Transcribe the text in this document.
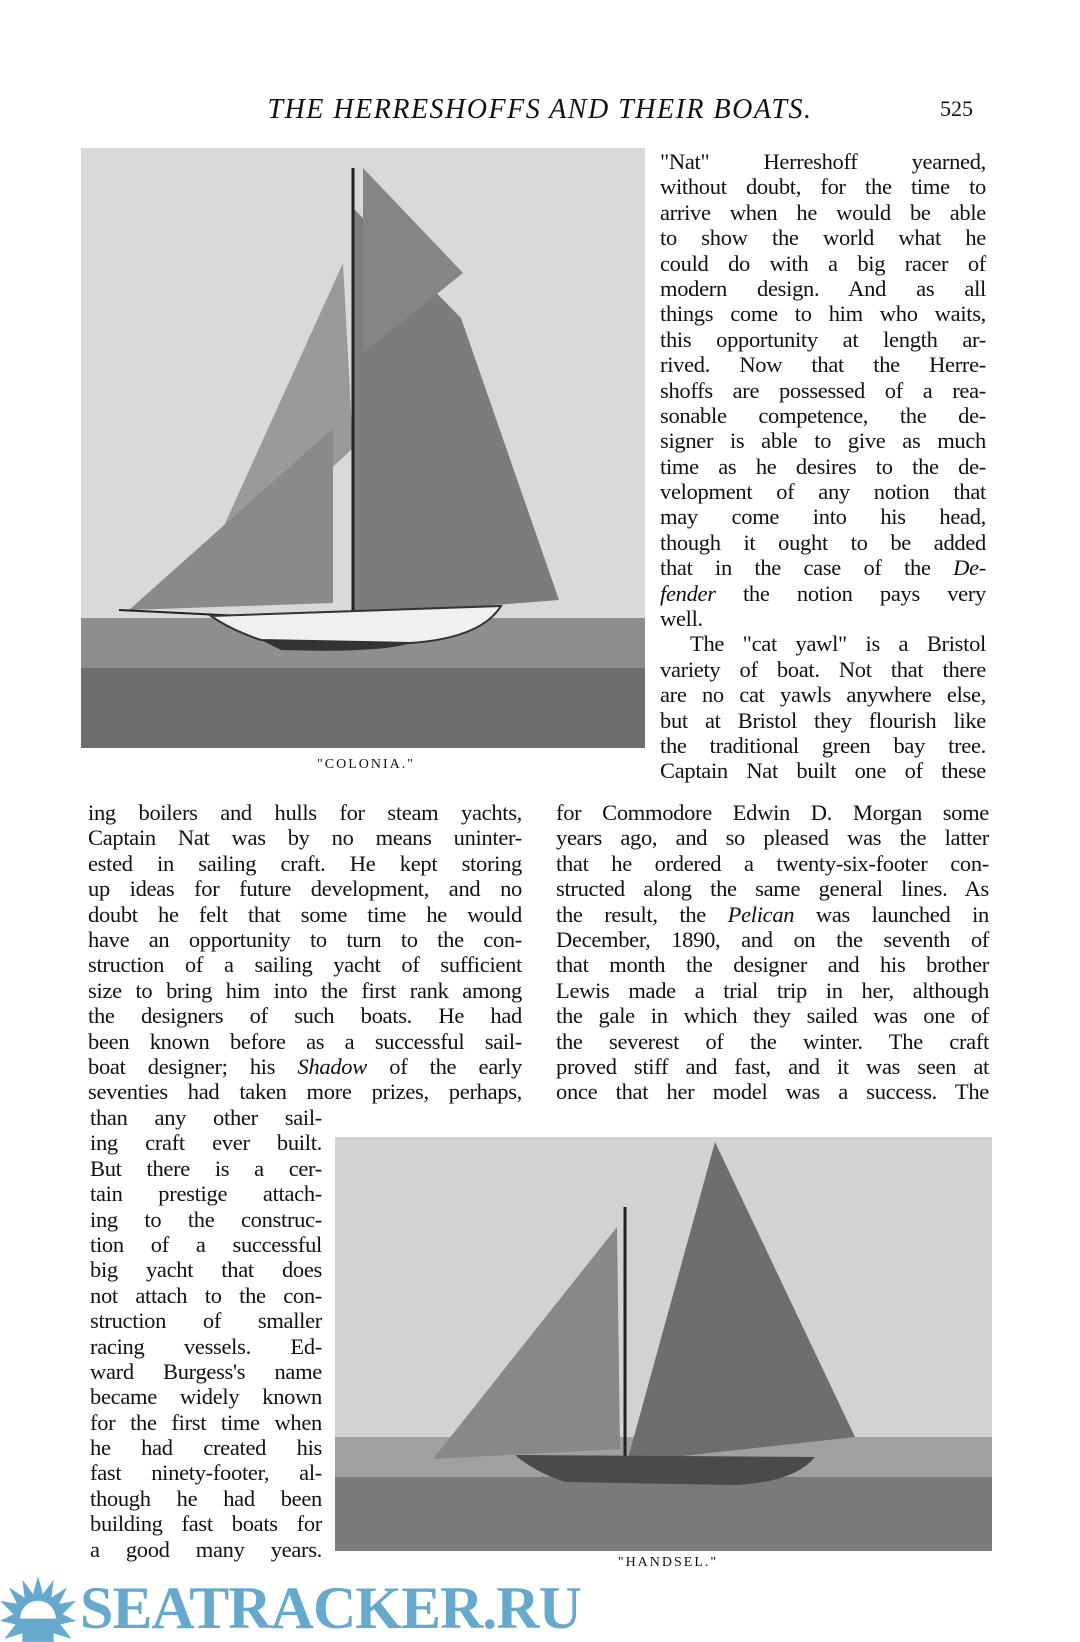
THE HERRESHOFFS AND THEIR BOATS.	525
"COLONIA."
"Nat" Herreshoff yearned,
without doubt, for the time to
arrive when he would be able
to show the world what he
could do with a big racer of
modern design. And as all
things come to him who waits,
this opportunity at length ar-
rived. Now that the Herre-
shoffs are possessed of a rea-
sonable competence, the de-
signer is able to give as much
time as he desires to the de-
velopment of any notion that
may come into his head,
though it ought to be added
that in the case of the De-
fender the notion pays very
well.
The "cat yawl" is a Bristol
variety of boat. Not that there
are no cat yawls anywhere else,
but at Bristol they flourish like
the traditional green bay tree.
Captain Nat built one of these
ing boilers and hulls for steam yachts,
Captain Nat was by no means uninter-
ested in sailing craft. He kept storing
up ideas for future development, and no
doubt he felt that some time he would
have an opportunity to turn to the con-
struction of a sailing yacht of sufficient
size to bring him into the first rank among
the designers of such boats. He had
been known before as a successful sail-
boat designer; his Shadow of the early
seventies had taken more prizes, perhaps,
for Commodore Edwin D. Morgan some
years ago, and so pleased was the latter
that he ordered a twenty-six-footer con-
structed along the same general lines. As
the result, the Pelican was launched in
December, 1890, and on the seventh of
that month the designer and his brother
Lewis made a trial trip in her, although
the gale in which they sailed was one of
the severest of the winter. The craft
proved stiff and fast, and it was seen at
once that her model was a success. The
than any other sail-
ing craft ever built.
But there is a cer-
tain prestige attach-
ing to the construc-
tion of a successful
big yacht that does
not attach to the con-
struction of smaller
racing vessels. Ed-
ward Burgess's name
became widely known
for the first time when
he had created his
fast ninety-footer, al-
though he had been
building fast boats for
a good many years.
"HANDSEL."
SEATRACKER.RU
